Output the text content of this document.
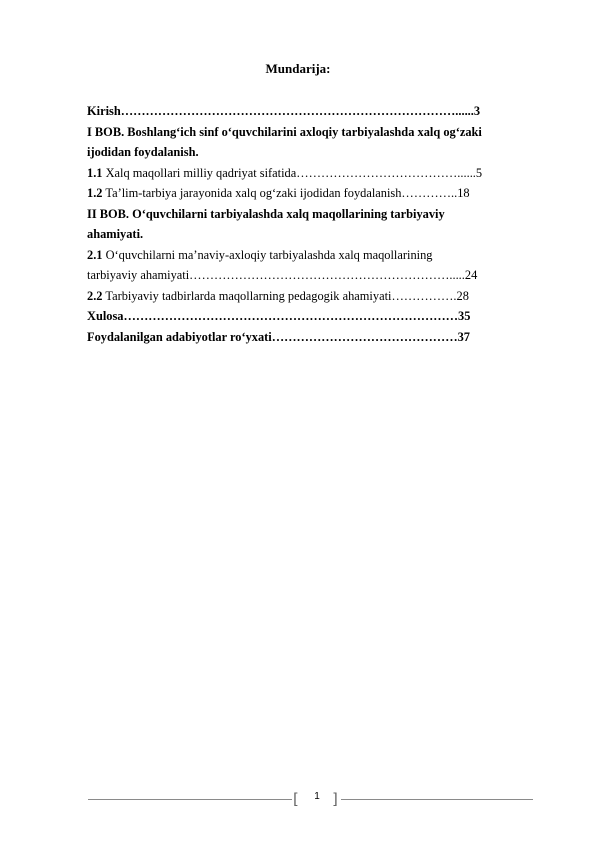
Mundarija:
Kirish………………………………………………………………………......3
I BOB. Boshlang‘ich sinf o‘quvchilarini axloqiy tarbiyalashda xalq og‘zaki
ijodidan foydalanish.
1.1 Xalq maqollari milliy qadriyat sifatida…………………………………......5
1.2 Ta’lim-tarbiya jarayonida xalq og‘zaki ijodidan foydalanish…………..18
II BOB. O‘quvchilarni tarbiyalashda xalq maqollarining tarbiyaviy
ahamiyati.
2.1 O‘quvchilarni ma’naviy-axloqiy tarbiyalashda xalq maqollarining
tarbiyaviy ahamiyati……………………………………………………….....24
2.2 Tarbiyaviy tadbirlarda maqollarning pedagogik ahamiyati…………….28
Xulosa………………………………………………………………………35
Foydalanilgan adabiyotlar ro‘yxati………………………………………37
[	1 ]
